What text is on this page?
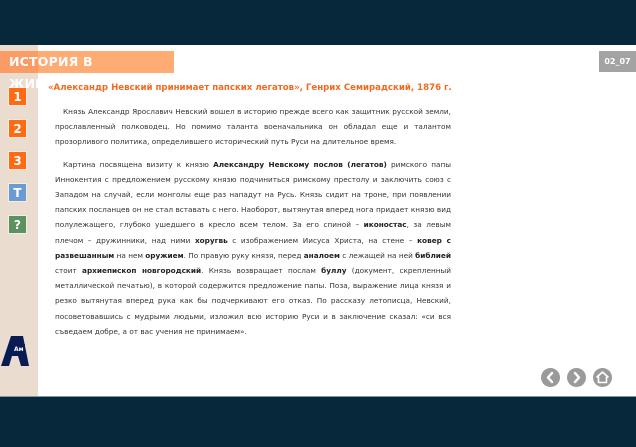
1
2
3
Т
?
Ам
ИСТОРИЯ В ЖИВОПИСИ
02_07
«Александр Невский принимает папских легатов», Генрих Семирадский, 1876 г.

Князь Александр Ярославич Невский вошел в историю прежде всего как защитник русской земли, прославленный полководец. Но помимо таланта военачальника он обладал еще и талантом прозорливого политика, определившего исторический путь Руси на длительное время.

Картина посвящена визиту к князю Александру Невскому послов (легатов) римского папы Иннокентия с предложением русскому князю подчиниться римскому престолу и заключить союз с Западом на случай, если монголы еще раз нападут на Русь. Князь сидит на троне, при появлении папских посланцев он не стал вставать с него. Наоборот, вытянутая вперед нога придает князю вид полулежащего, глубоко ушедшего в кресло всем телом. За его спиной – иконостас, за левым плечом – дружинники, над ними хоругвь с изображением Иисуса Христа, на стене – ковер с развешанным на нем оружием. По правую руку князя, перед аналоем с лежащей на ней библией стоит архиепископ новгородский. Князь возвращает послам буллу (документ, скрепленный металлической печатью), в которой содержится предложение папы. Поза, выражение лица князя и резко вытянутая вперед рука как бы подчеркивают его отказ. По рассказу летописца, Невский, посоветовавшись с мудрыми людьми, изложил всю историю Руси и в заключение сказал: «си вся съведаем добре, а от вас учения не принимаем».
